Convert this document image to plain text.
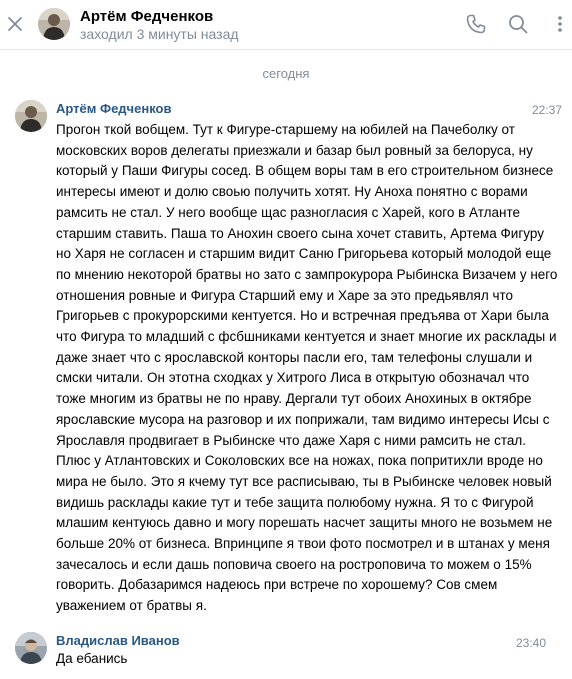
Артём Федченков
заходил 3 минуты назад
сегодня
Артём Федченков	22:37
Прогон ткой вобщем. Тут к Фигуре-старшему на юбилей на Пачеболку от московских воров делегаты приезжали и базар был ровный за белоруса, ну который у Паши Фигуры сосед. В общем воры там в его строительном бизнесе интересы имеют и долю своью получить хотят. Ну Аноха понятно с ворами рамсить не стал. У него вообще щас разногласия с Харей, кого в Атланте старшим ставить. Паша то Анохин своего сына хочет ставить, Артема Фигуру но Харя не согласен и старшим видит Саню Григорьева который молодой еще по мнению некоторой братвы но зато с зампрокурора Рыбинска Визачем у него отношения ровные и Фигура Старший ему и Харе за это предьявлял что Григорьев с прокурорскими кентуется. Но и встречная предъява от Хари была что Фигура то младший с фсбшниками кентуется и знает многие их расклады и даже знает что с ярославской конторы пасли его, там телефоны слушали и смски читали. Он этотна сходках у Хитрого Лиса в открытую обозначал что тоже многим из братвы не по нраву. Дергали тут обоих Анохиных в октябре ярославские мусора на разговор и их поприжали, там видимо интересы Исы с Ярославля продвигает в Рыбинске что даже Харя с ними рамсить не стал. Плюс у Атлантовских и Соколовских все на ножах, пока попритихли вроде но мира не было. Это я кчему тут все расписываю, ты в Рыбинске человек новый видишь расклады какие тут и тебе защита полюбому нужна. Я то с Фигурой млашим кентуюсь давно и могу порешать насчет защиты много не возьмем не больше 20% от бизнеса. Впринципе я твои фото посмотрел и в штанах у меня зачесалось и если дашь поповича своего на ростроповича то можем о 15% говорить. Добазаримся надеюсь при встрече по хорошему? Сов смем уважением от братвы я.
Владислав Иванов	23:40
Да ебанись
